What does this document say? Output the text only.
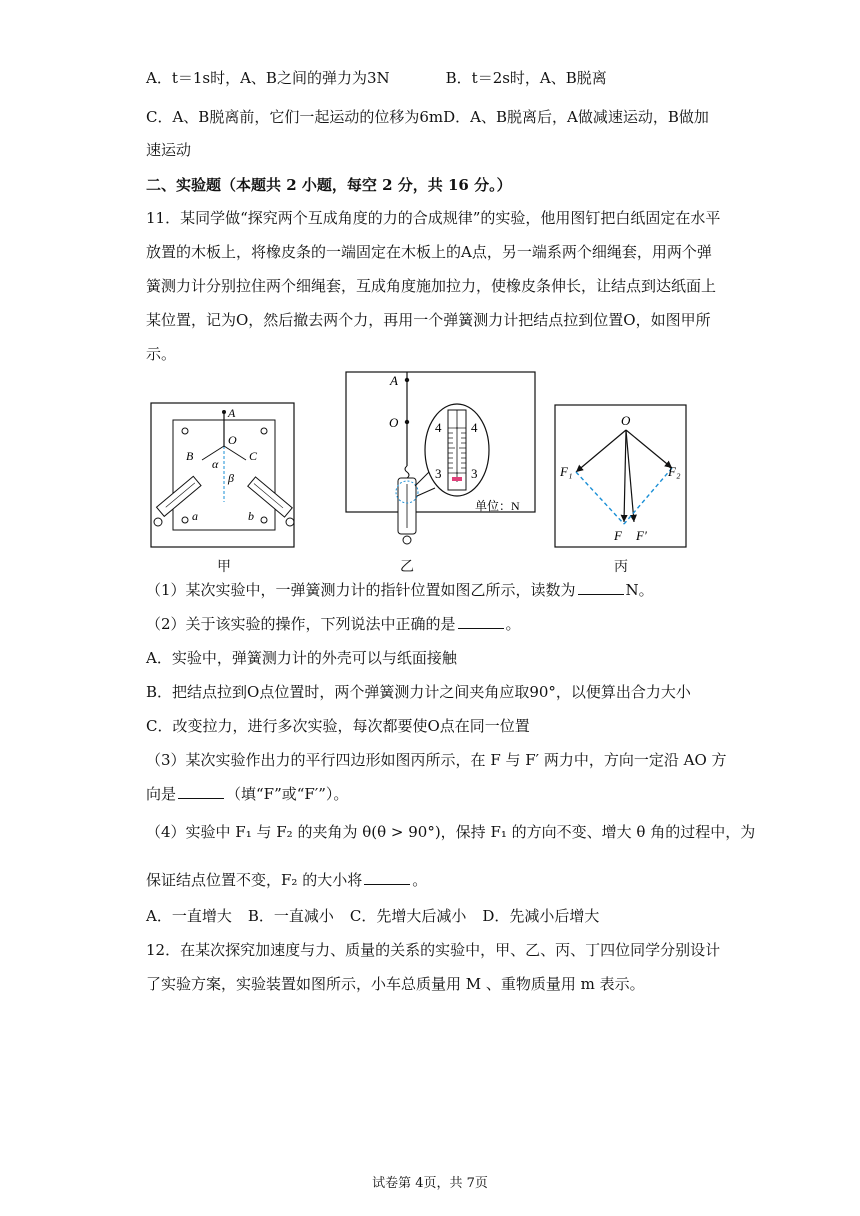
A．t＝1s时，A、B之间的弹力为3N	B．t＝2s时，A、B脱离
C．A、B脱离前，它们一起运动的位移为6mD．A、B脱离后，A做减速运动，B做加
速运动
二、实验题（本题共 2 小题，每空 2 分，共 16 分。）
11．某同学做“探究两个互成角度的力的合成规律”的实验，他用图钉把白纸固定在水平
放置的木板上，将橡皮条的一端固定在木板上的A点，另一端系两个细绳套，用两个弹
簧测力计分别拉住两个细绳套，互成角度施加拉力，使橡皮条伸长，让结点到达纸面上
某位置，记为O，然后撤去两个力，再用一个弹簧测力计把结点拉到位置O，如图甲所
示。
A
O
B	C
α
β
a	b
甲
A
O	4 4
3 3
单位：N
乙
O
F₁	F₂
F F′
丙
（1）某次实验中，一弹簧测力计的指针位置如图乙所示，读数为	N。
（2）关于该实验的操作，下列说法中正确的是	。
A．实验中，弹簧测力计的外壳可以与纸面接触
B．把结点拉到O点位置时，两个弹簧测力计之间夹角应取90°，以便算出合力大小
C．改变拉力，进行多次实验，每次都要使O点在同一位置
（3）某次实验作出力的平行四边形如图丙所示，在 F 与 F′ 两力中，方向一定沿 AO 方
向是	（填“F”或“F′”）。
（4）实验中 F₁ 与 F₂ 的夹角为 θ(θ > 90°)，保持 F₁ 的方向不变、增大 θ 角的过程中，为
保证结点位置不变，F₂ 的大小将	。
A．一直增大 B．一直减小 C．先增大后减小 D．先减小后增大
12．在某次探究加速度与力、质量的关系的实验中，甲、乙、丙、丁四位同学分别设计
了实验方案，实验装置如图所示，小车总质量用 M 、重物质量用 m 表示。
试卷第 4页，共 7页
